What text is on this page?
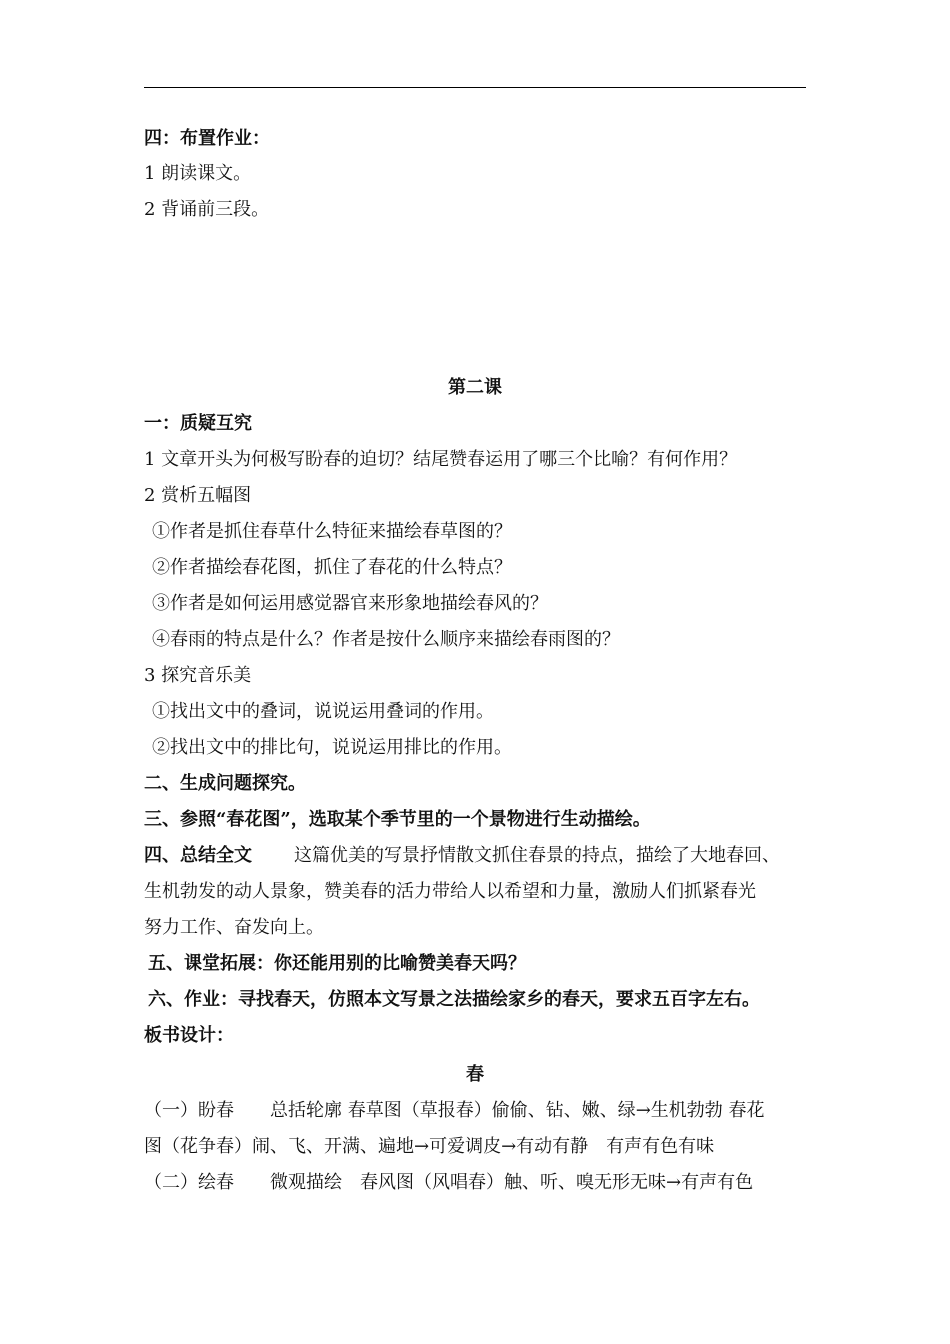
四：布置作业：
1 朗读课文。
2 背诵前三段。
第二课
一：质疑互究
1 文章开头为何极写盼春的迫切？结尾赞春运用了哪三个比喻？有何作用？
2 赏析五幅图
①作者是抓住春草什么特征来描绘春草图的？
②作者描绘春花图，抓住了春花的什么特点？
③作者是如何运用感觉器官来形象地描绘春风的？
④春雨的特点是什么？作者是按什么顺序来描绘春雨图的？
3 探究音乐美
①找出文中的叠词，说说运用叠词的作用。
②找出文中的排比句，说说运用排比的作用。
二、生成问题探究。
三、参照“春花图”，选取某个季节里的一个景物进行生动描绘。
四、总结全文 这篇优美的写景抒情散文抓住春景的持点，描绘了大地春回、
生机勃发的动人景象，赞美春的活力带给人以希望和力量，激励人们抓紧春光
努力工作、奋发向上。
五、课堂拓展：你还能用别的比喻赞美春天吗？
六、作业：寻找春天，仿照本文写景之法描绘家乡的春天，要求五百字左右。
板书设计：
春
（一）盼春　　总括轮廓 春草图（草报春）偷偷、钻、嫩、绿→生机勃勃 春花
图（花争春）闹、飞、开满、遍地→可爱调皮→有动有静　有声有色有味
（二）绘春　　微观描绘　春风图（风唱春）触、听、嗅无形无味→有声有色
